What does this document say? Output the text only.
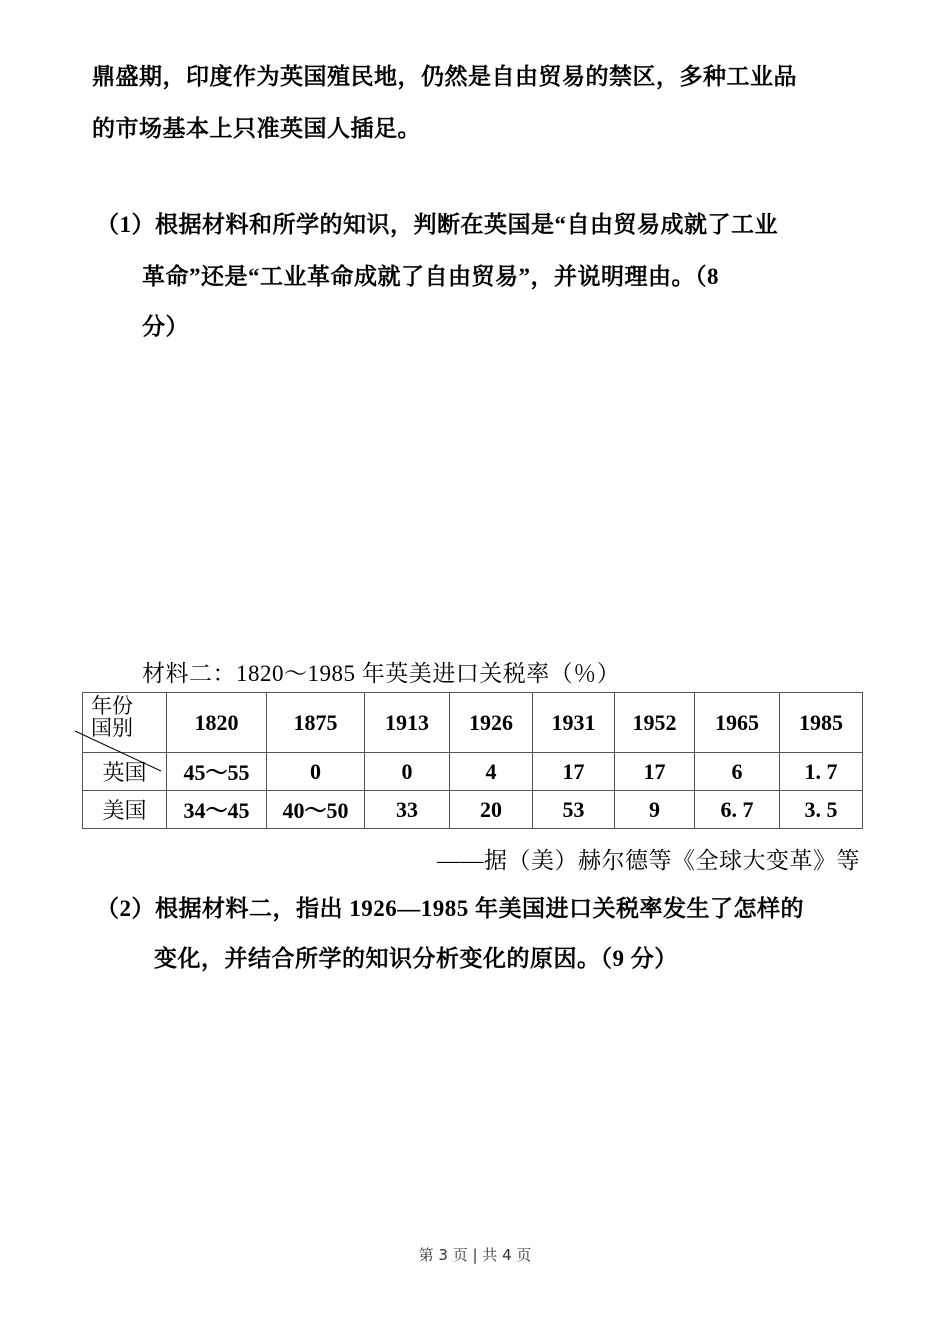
鼎盛期，印度作为英国殖民地，仍然是自由贸易的禁区，多种工业品
的市场基本上只准英国人插足。
（1）根据材料和所学的知识，判断在英国是“自由贸易成就了工业
革命”还是“工业革命成就了自由贸易”，并说明理由。（8
分）
材料二：1820～1985 年英美进口关税率（％）
年份
国别	1820	1875	1913	1926	1931	1952	1965	1985
英国	45～55	0	0	4	17	17	6	1. 7
美国	34～45	40～50	33	20	53	9	6. 7	3. 5
——据（美）赫尔德等《全球大变革》等
（2）根据材料二，指出 1926—1985 年美国进口关税率发生了怎样的
变化，并结合所学的知识分析变化的原因。（9 分）
第 3 页 | 共 4 页
